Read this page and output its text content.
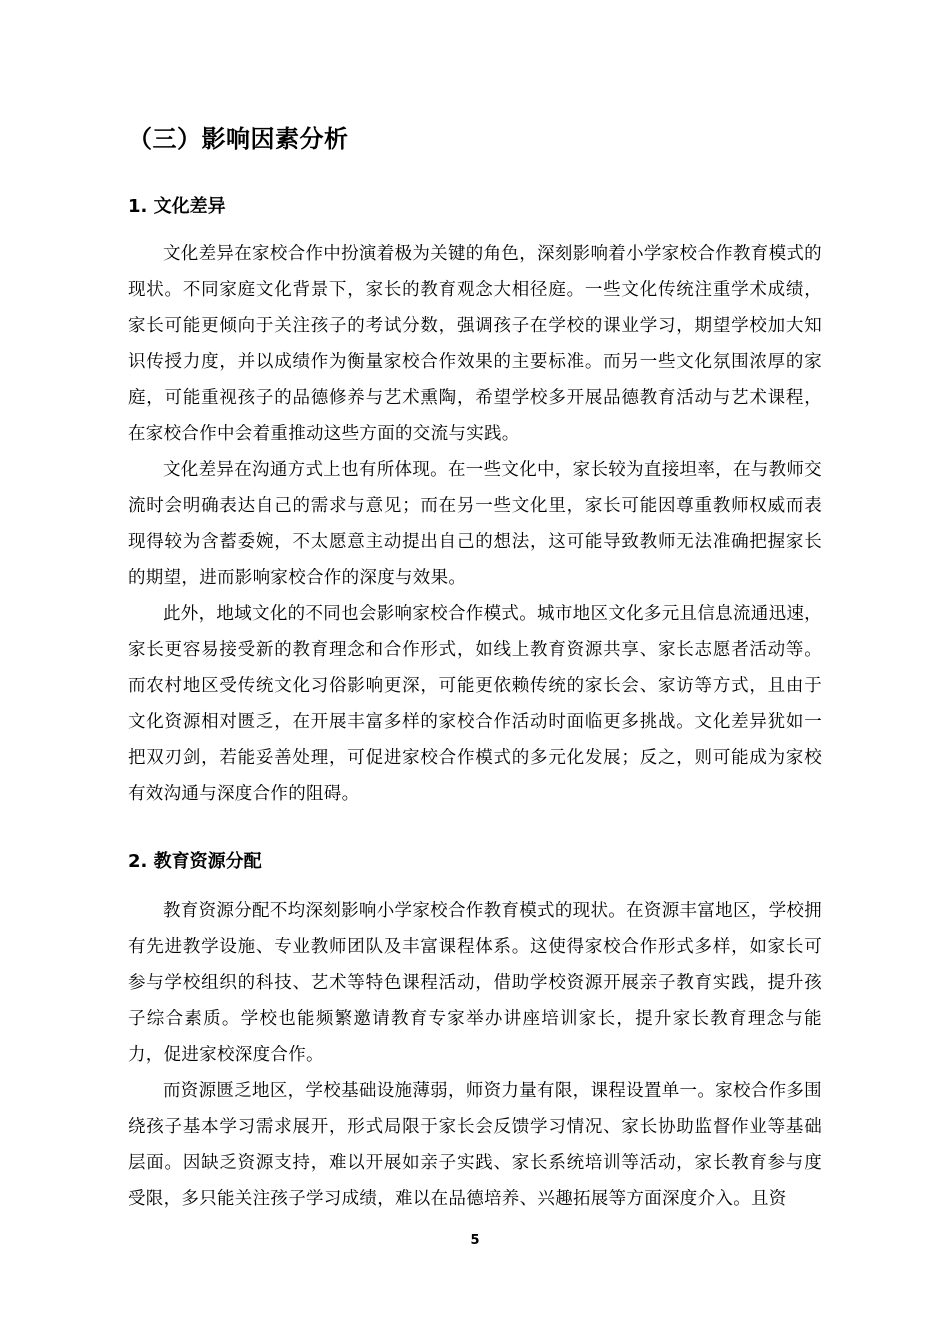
（三）影响因素分析
1. 文化差异

文化差异在家校合作中扮演着极为关键的角色，深刻影响着小学家校合作教育模式的现状。不同家庭文化背景下，家长的教育观念大相径庭。一些文化传统注重学术成绩，家长可能更倾向于关注孩子的考试分数，强调孩子在学校的课业学习，期望学校加大知识传授力度，并以成绩作为衡量家校合作效果的主要标准。而另一些文化氛围浓厚的家庭，可能重视孩子的品德修养与艺术熏陶，希望学校多开展品德教育活动与艺术课程，在家校合作中会着重推动这些方面的交流与实践。

文化差异在沟通方式上也有所体现。在一些文化中，家长较为直接坦率，在与教师交流时会明确表达自己的需求与意见；而在另一些文化里，家长可能因尊重教师权威而表现得较为含蓄委婉，不太愿意主动提出自己的想法，这可能导致教师无法准确把握家长的期望，进而影响家校合作的深度与效果。

此外，地域文化的不同也会影响家校合作模式。城市地区文化多元且信息流通迅速，家长更容易接受新的教育理念和合作形式，如线上教育资源共享、家长志愿者活动等。而农村地区受传统文化习俗影响更深，可能更依赖传统的家长会、家访等方式，且由于文化资源相对匮乏，在开展丰富多样的家校合作活动时面临更多挑战。文化差异犹如一把双刃剑，若能妥善处理，可促进家校合作模式的多元化发展；反之，则可能成为家校有效沟通与深度合作的阻碍。

2. 教育资源分配

教育资源分配不均深刻影响小学家校合作教育模式的现状。在资源丰富地区，学校拥有先进教学设施、专业教师团队及丰富课程体系。这使得家校合作形式多样，如家长可参与学校组织的科技、艺术等特色课程活动，借助学校资源开展亲子教育实践，提升孩子综合素质。学校也能频繁邀请教育专家举办讲座培训家长，提升家长教育理念与能力，促进家校深度合作。

而资源匮乏地区，学校基础设施薄弱，师资力量有限，课程设置单一。家校合作多围绕孩子基本学习需求展开，形式局限于家长会反馈学习情况、家长协助监督作业等基础层面。因缺乏资源支持，难以开展如亲子实践、家长系统培训等活动，家长教育参与度受限，多只能关注孩子学习成绩，难以在品德培养、兴趣拓展等方面深度介入。且资

5
